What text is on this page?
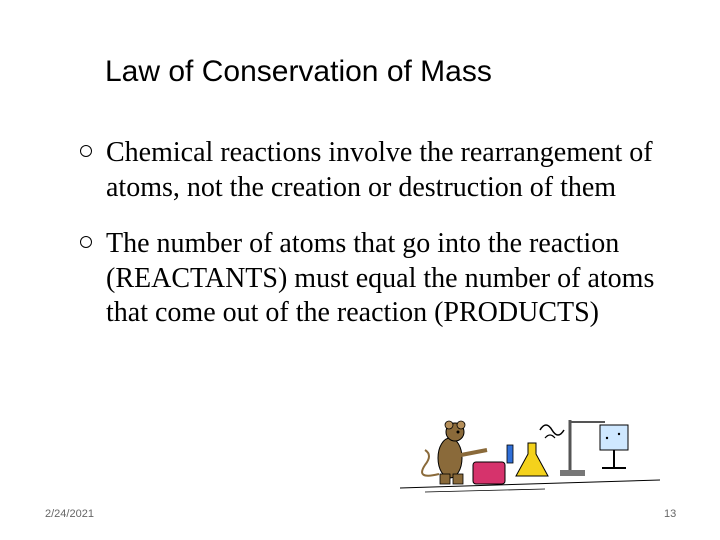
Law of Conservation of Mass
Chemical reactions involve the rearrangement of atoms, not the creation or destruction of them
The number of atoms that go into the reaction (REACTANTS) must equal the number of atoms that come out of the reaction (PRODUCTS)
2/24/2021	13
